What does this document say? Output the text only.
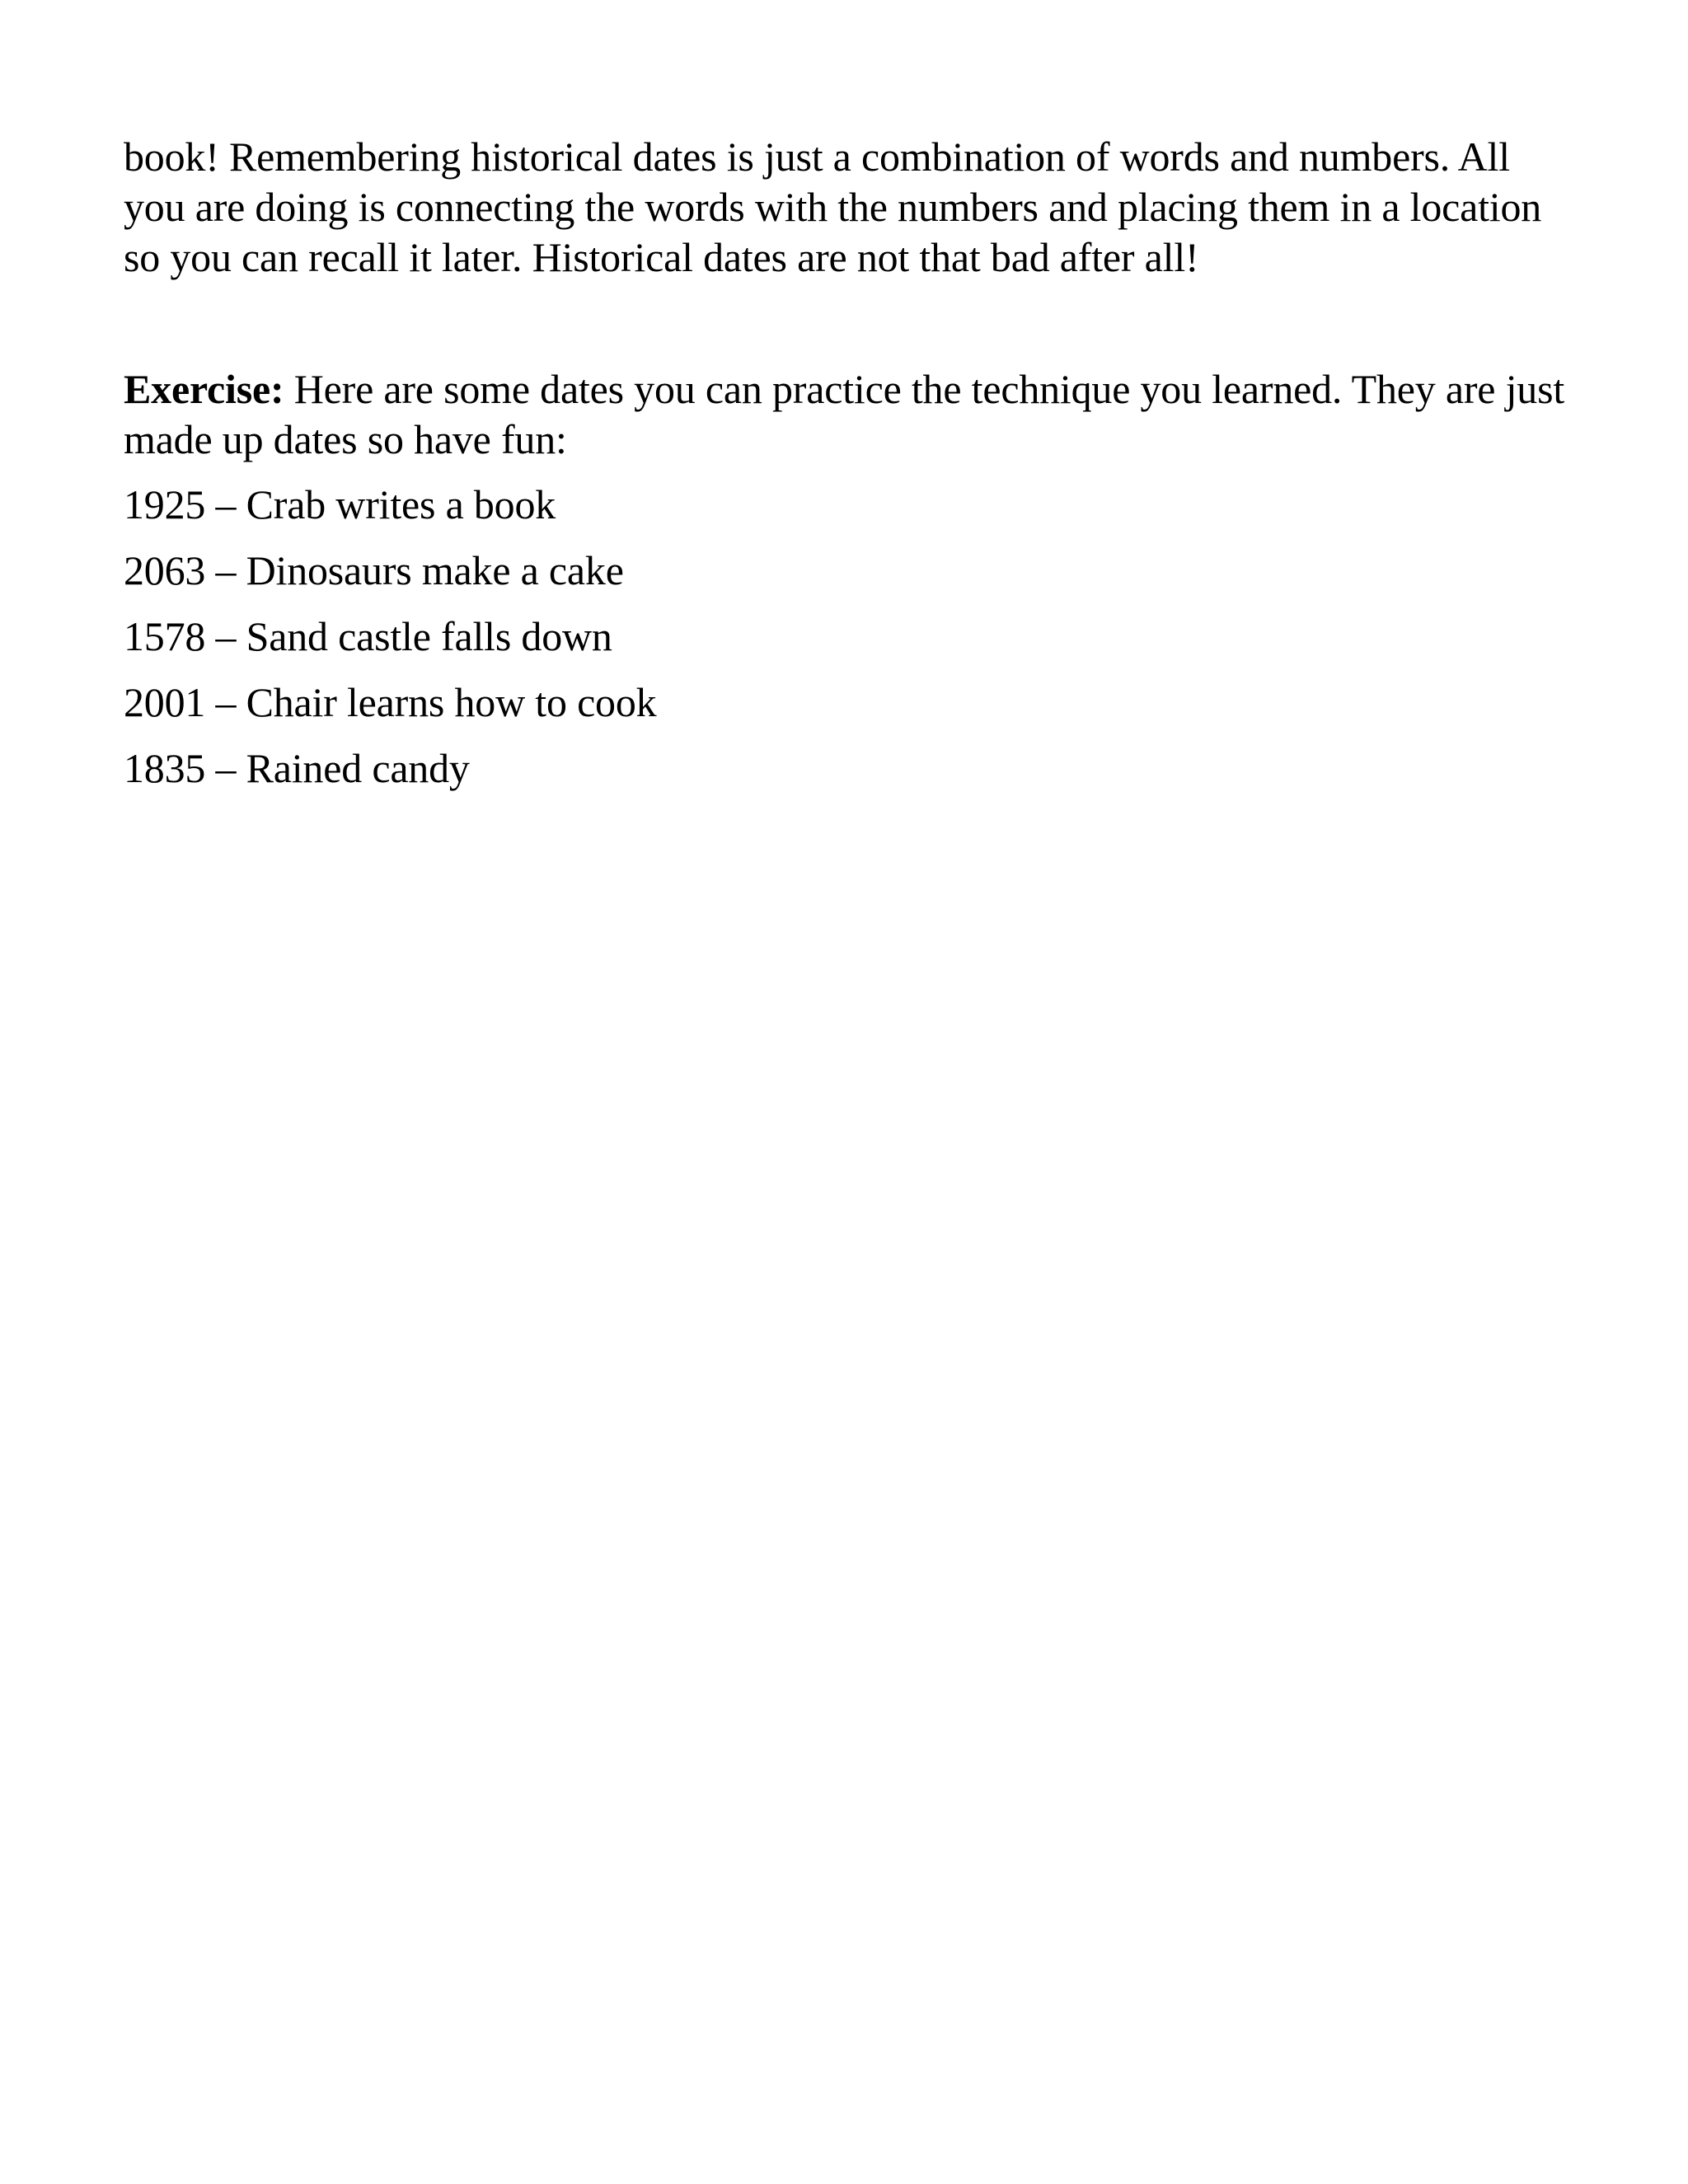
book! Remembering historical dates is just a combination of words and numbers. All you are doing is connecting the words with the numbers and placing them in a location so you can recall it later. Historical dates are not that bad after all!

Exercise: Here are some dates you can practice the technique you learned. They are just made up dates so have fun:

1925 – Crab writes a book
2063 – Dinosaurs make a cake
1578 – Sand castle falls down
2001 – Chair learns how to cook
1835 – Rained candy
